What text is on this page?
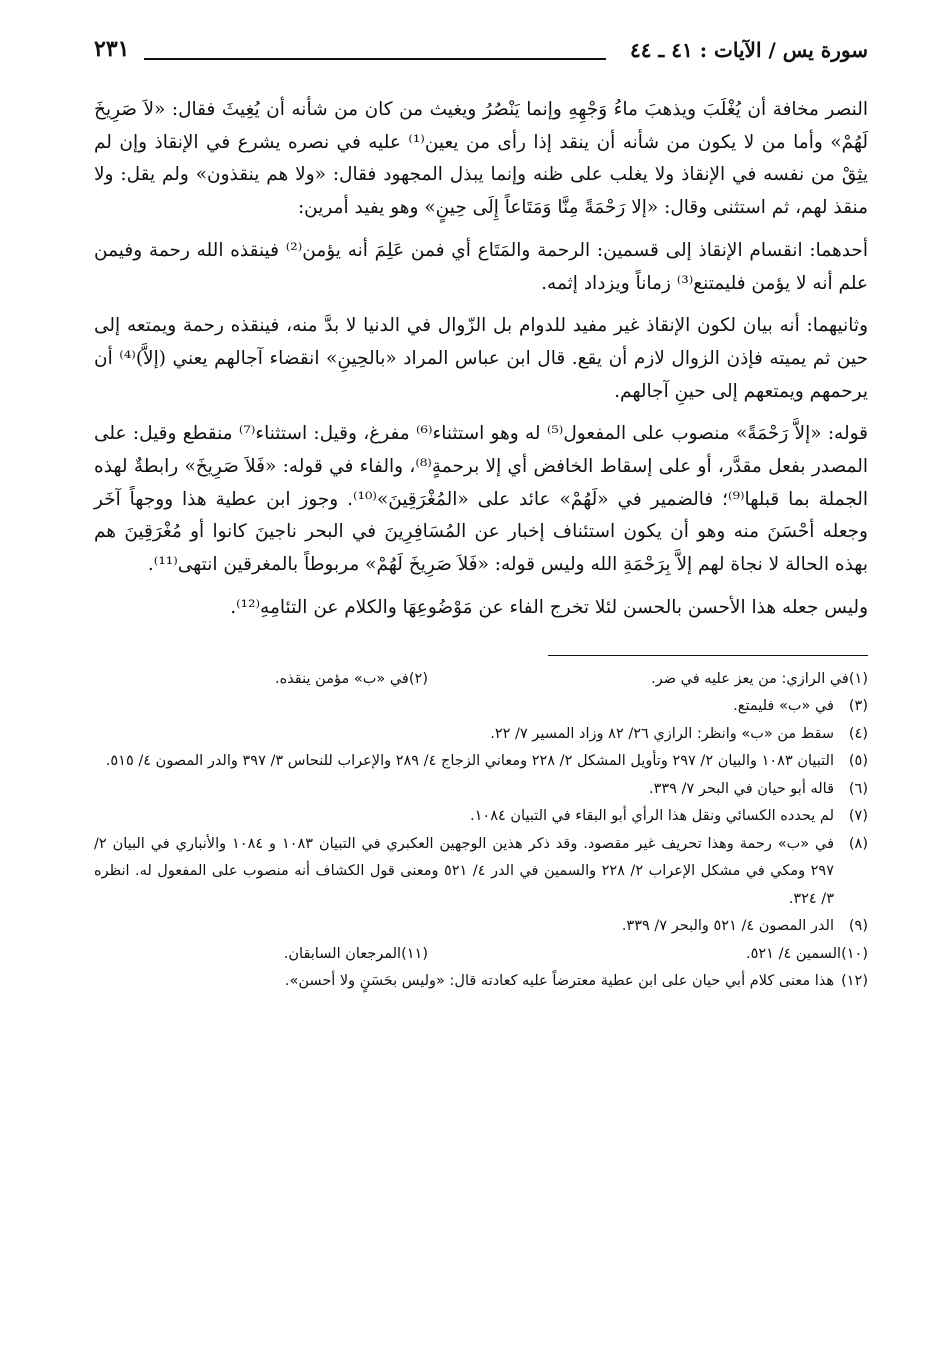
سورة يس / الآيات : ٤١ ـ ٤٤
٢٣١

النصر مخافة أن يُغْلَبَ ويذهبَ ماءُ وَجْهِهِ وإنما يَنْصُرُ ويغيث من كان من شأنه أن يُغِيثَ فقال: «لاَ صَرِيخَ لَهُمْ» وأما من لا يكون من شأنه أن ينقد إذا رأى من يعين⁽¹⁾ عليه في نصره يشرع في الإنقاذ وإن لم يثِقْ من نفسه في الإنقاذ ولا يغلب على ظنه وإنما يبذل المجهود فقال: «ولا هم ينقذون» ولم يقل: ولا منقذ لهم، ثم استثنى وقال: «إلا رَحْمَةً مِنَّا وَمَتَاعاً إِلَى حِينٍ» وهو يفيد أمرين:

أحدهما: انقسام الإنقاذ إلى قسمين: الرحمة والمَتَاع أي فمن عَلِمَ أنه يؤمن⁽²⁾ فينقذه الله رحمة وفيمن علم أنه لا يؤمن فليمتنع⁽³⁾ زماناً ويزداد إثمه.

وثانيهما: أنه بيان لكون الإنقاذ غير مفيد للدوام بل الزّوال في الدنيا لا بدَّ منه، فينقذه رحمة ويمتعه إلى حين ثم يميته فإذن الزوال لازم أن يقع. قال ابن عباس المراد «بالحِينِ» انقضاء آجالهم يعني (إلاَّ)⁽⁴⁾ أن يرحمهم ويمتعهم إلى حينِ آجالهم.

قوله: «إلاَّ رَحْمَةً» منصوب على المفعول⁽⁵⁾ له وهو استثناء⁽⁶⁾ مفرغ، وقيل: استثناء⁽⁷⁾ منقطع وقيل: على المصدر بفعل مقدَّر، أو على إسقاط الخافض أي إلا برحمةٍ⁽⁸⁾، والفاء في قوله: «فَلاَ صَرِيخَ» رابطةٌ لهذه الجملة بما قبلها⁽⁹⁾؛ فالضمير في «لَهُمْ» عائد على «المُغْرَقِينَ»⁽¹⁰⁾. وجوز ابن عطية هذا ووجهاً آخَر وجعله أحْسَنَ منه وهو أن يكون استئناف إخبار عن المُسَافِرِينَ في البحر ناجينَ كانوا أو مُغْرَقِينَ هم بهذه الحالة لا نجاة لهم إلاَّ بِرَحْمَةِ الله وليس قوله: «فَلاَ صَرِيخَ لَهُمْ» مربوطاً بالمغرقين انتهى⁽¹¹⁾.

وليس جعله هذا الأحسن بالحسن لئلا تخرج الفاء عن مَوْضُوعِهَا والكلام عن التئامِهِ⁽¹²⁾.

(١)
في الرازي: من يعز عليه في ضر.
(٢)
في «ب» مؤمن ينقذه.
(٣)
في «ب» فليمتع.
(٤)
سقط من «ب» وانظر: الرازي ٢٦/ ٨٢ وزاد المسير ٧/ ٢٢.
(٥)
التبيان ١٠٨٣ والبيان ٢/ ٢٩٧ وتأويل المشكل ٢/ ٢٢٨ ومعاني الزجاج ٤/ ٢٨٩ والإعراب للنحاس ٣/ ٣٩٧ والدر المصون ٤/ ٥١٥.
(٦)
قاله أبو حيان في البحر ٧/ ٣٣٩.
(٧)
لم يحدده الكسائي ونقل هذا الرأي أبو البقاء في التبيان ١٠٨٤.
(٨)
في «ب» رحمة وهذا تحريف غير مقصود. وقد ذكر هذين الوجهين العكبري في التبيان ١٠٨٣ و ١٠٨٤ والأنباري في البيان ٢/ ٢٩٧ ومكي في مشكل الإعراب ٢/ ٢٢٨ والسمين في الدر ٤/ ٥٢١ ومعنى قول الكشاف أنه منصوب على المفعول له. انظره ٣/ ٣٢٤.
(٩)
الدر المصون ٤/ ٥٢١ والبحر ٧/ ٣٣٩.
(١٠)
السمين ٤/ ٥٢١.
(١١)
المرجعان السابقان.
(١٢)
هذا معنى كلام أبي حيان على ابن عطية معترضاً عليه كعادته قال: «وليس بحَسَنٍ ولا أحسن».
